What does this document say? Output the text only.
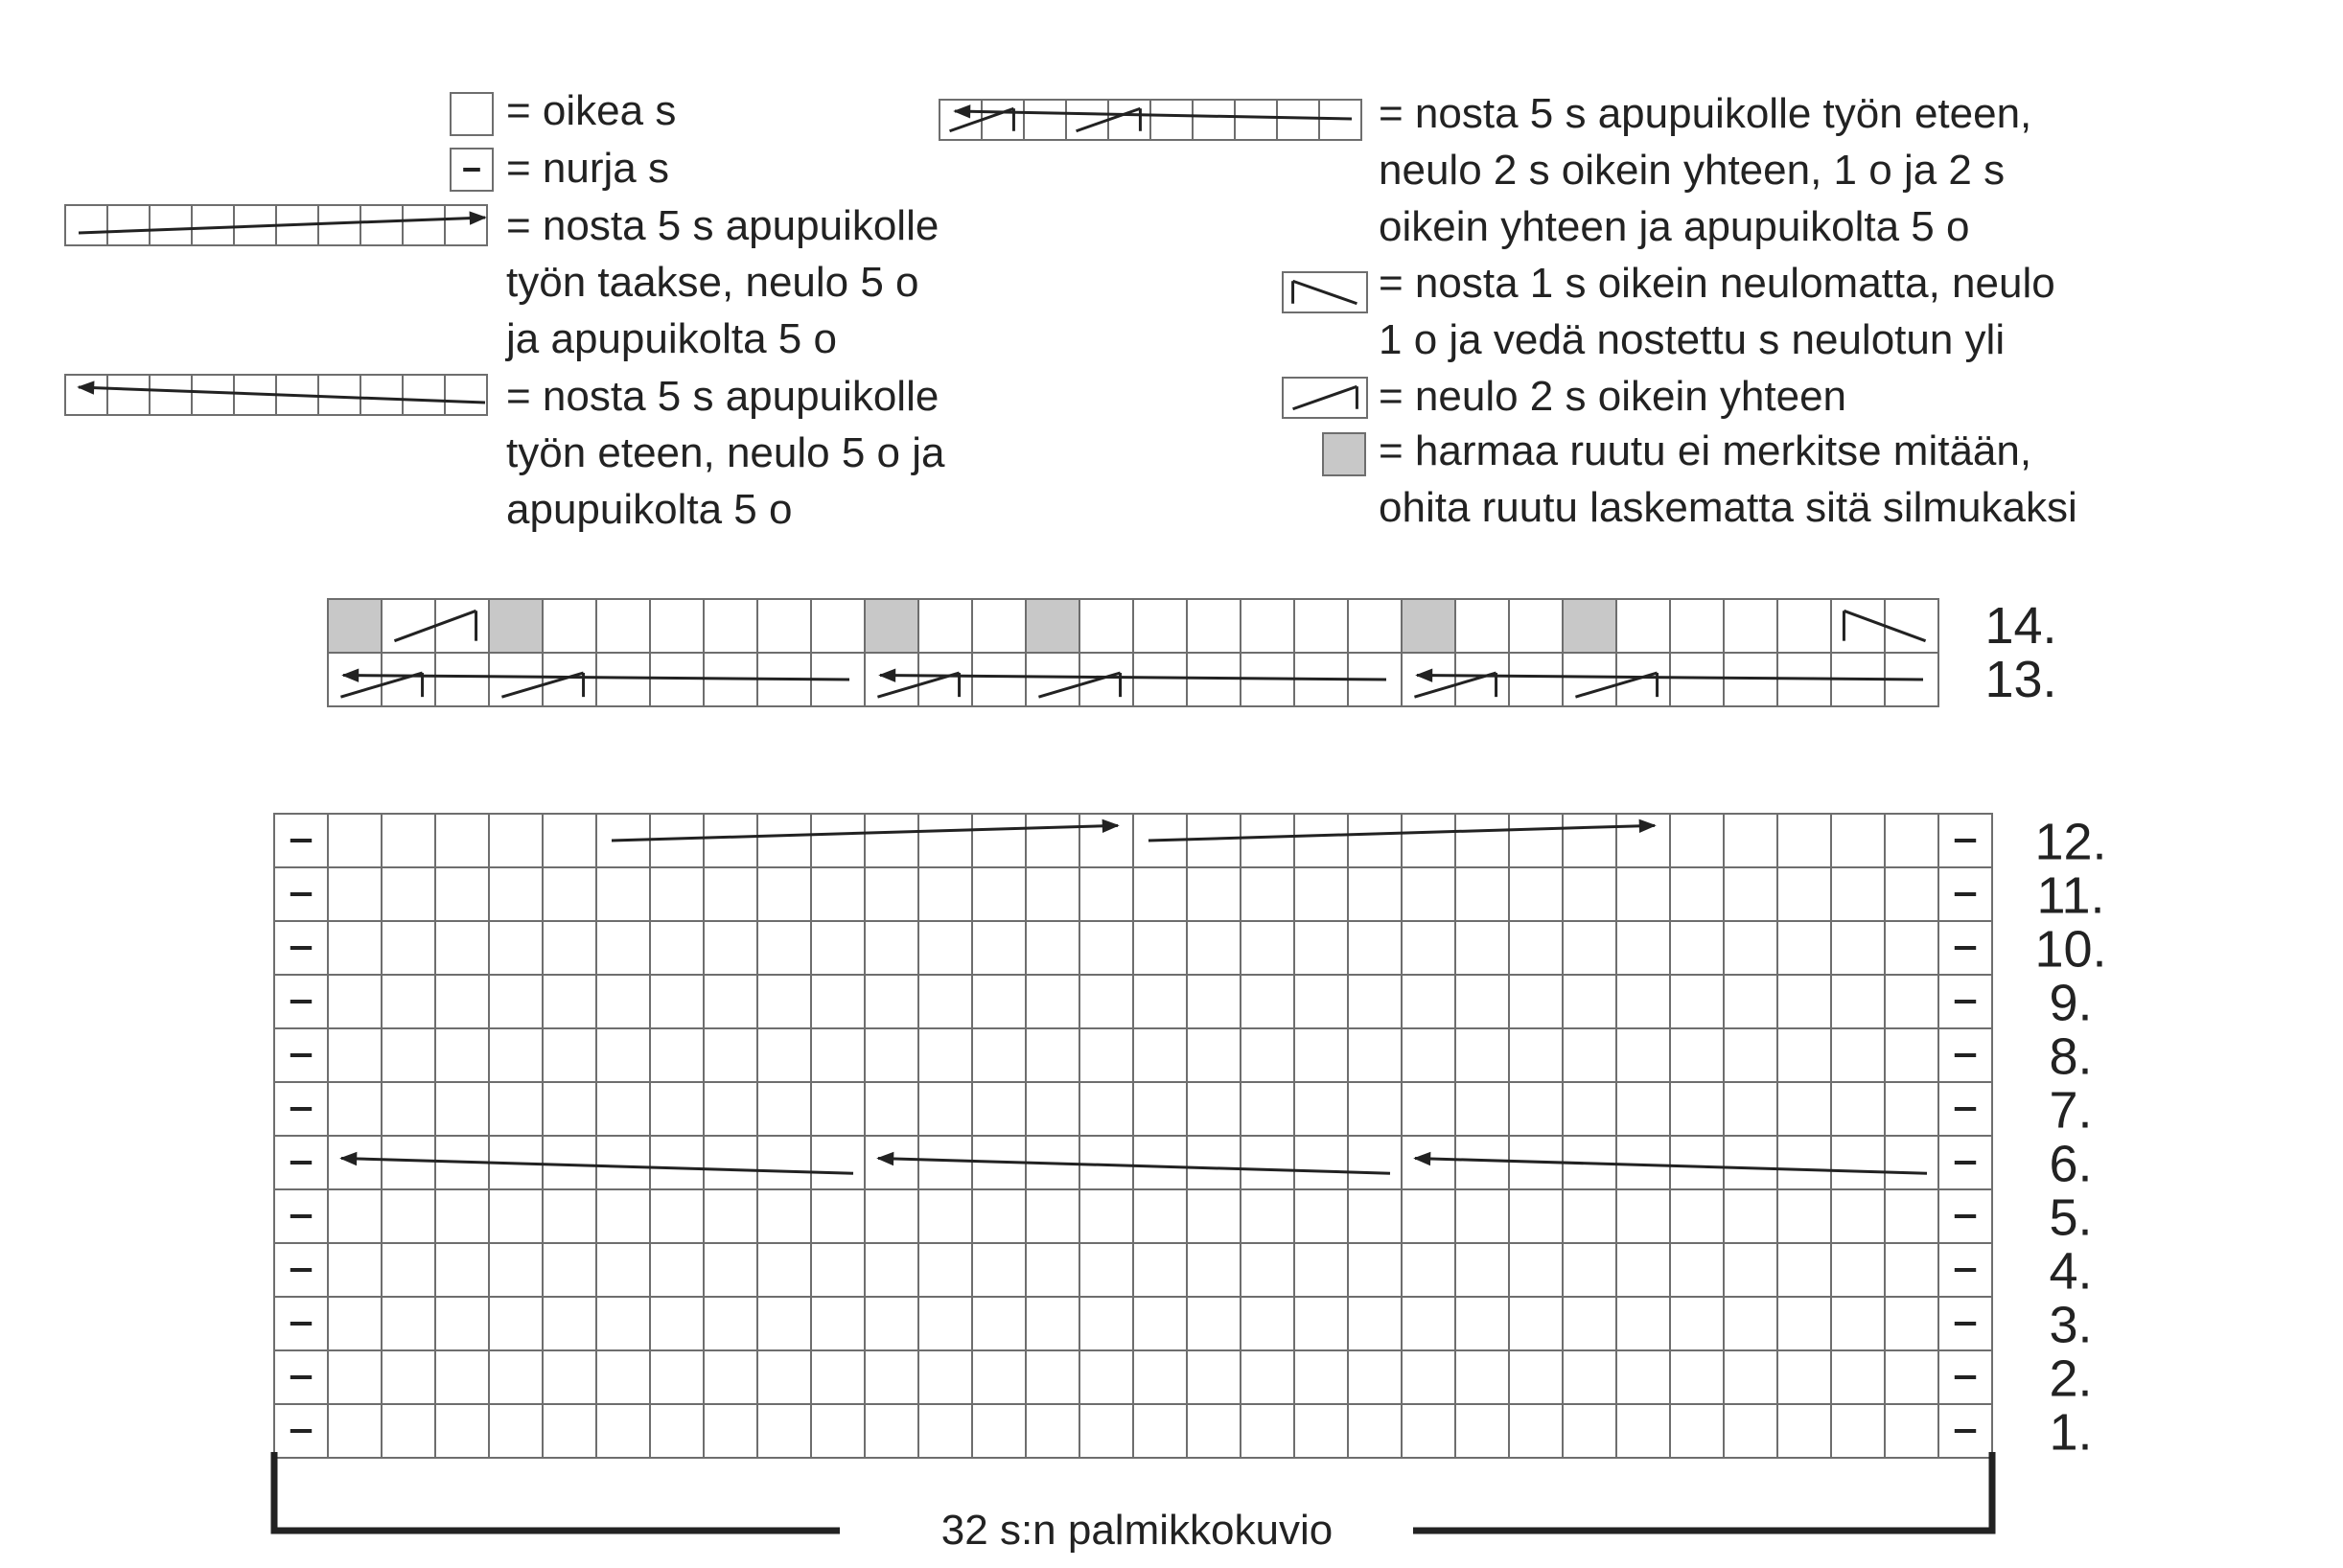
= oikea s
= nurja s
= nosta 5 s apupuikolle
työn taakse, neulo 5 o
ja apupuikolta 5 o
= nosta 5 s apupuikolle
työn eteen, neulo 5 o ja
apupuikolta 5 o
= nosta 5 s apupuikolle työn eteen,
neulo 2 s oikein yhteen, 1 o ja 2 s
oikein yhteen ja apupuikolta 5 o
= nosta 1 s oikein neulomatta, neulo
1 o ja vedä nostettu s neulotun yli
= neulo 2 s oikein yhteen
= harmaa ruutu ei merkitse mitään,
ohita ruutu laskematta sitä silmukaksi
14.
13.
12.
11.
10.
9.
8.
7.
6.
5.
4.
3.
2.
1.
32 s:n palmikkokuvio
